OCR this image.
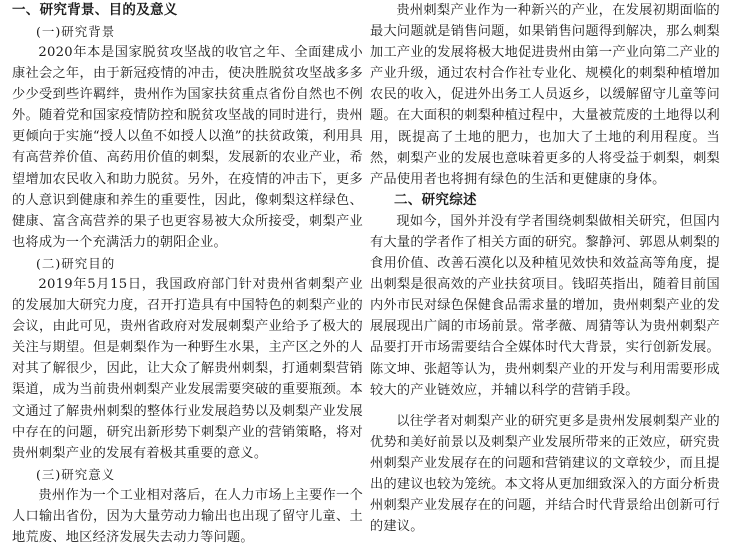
一、研究背景、目的及意义
(一)研究背景

2020年本是国家脱贫攻坚战的收官之年、全面建成小康社会之年，由于新冠疫情的冲击，使决胜脱贫攻坚战多多少少受到些许羁绊，贵州作为国家扶贫重点省份自然也不例外。随着党和国家疫情防控和脱贫攻坚战的同时进行，贵州更倾向于实施“授人以鱼不如授人以渔”的扶贫政策，利用具有高营养价值、高药用价值的刺梨，发展新的农业产业，希望增加农民收入和助力脱贫。另外，在疫情的冲击下，更多的人意识到健康和养生的重要性，因此，像刺梨这样绿色、健康、富含高营养的果子也更容易被大众所接受，刺梨产业也将成为一个充满活力的朝阳企业。

(二)研究目的

2019年5月15日，我国政府部门针对贵州省刺梨产业的发展加大研究力度，召开打造具有中国特色的刺梨产业的会议，由此可见，贵州省政府对发展刺梨产业给予了极大的关注与期望。但是刺梨作为一种野生水果，主产区之外的人对其了解很少，因此，让大众了解贵州刺梨，打通刺梨营销渠道，成为当前贵州刺梨产业发展需要突破的重要瓶颈。本文通过了解贵州刺梨的整体行业发展趋势以及刺梨产业发展中存在的问题，研究出新形势下刺梨产业的营销策略，将对贵州刺梨产业的发展有着极其重要的意义。

(三)研究意义

贵州作为一个工业相对落后，在人力市场上主要作一个人口输出省份，因为大量劳动力输出也出现了留守儿童、土地荒废、地区经济发展失去动力等问题。

贵州刺梨产业作为一种新兴的产业，在发展初期面临的最大问题就是销售问题，如果销售问题得到解决，那么刺梨加工产业的发展将极大地促进贵州由第一产业向第二产业的产业升级，通过农村合作社专业化、规模化的刺梨种植增加农民的收入，促进外出务工人员返乡，以缓解留守儿童等问题。在大面积的刺梨种植过程中，大量被荒废的土地得以利用，既提高了土地的肥力，也加大了土地的利用程度。当然，刺梨产业的发展也意味着更多的人将受益于刺梨，刺梨产品使用者也将拥有绿色的生活和更健康的身体。

二、研究综述

现如今，国外并没有学者围绕刺梨做相关研究，但国内有大量的学者作了相关方面的研究。黎静河、郭恩从刺梨的食用价值、改善石漠化以及种植见效快和效益高等角度，提出刺梨是很高效的产业扶贫项目。钱昭英指出，随着目前国内外市民对绿色保健食品需求量的增加，贵州刺梨产业的发展展现出广阔的市场前景。常孝薇、周猜等认为贵州刺梨产品要打开市场需要结合全媒体时代大背景，实行创新发展。陈文坤、张超等认为，贵州刺梨产业的开发与利用需要形成较大的产业链效应，并辅以科学的营销手段。

以往学者对刺梨产业的研究更多是贵州发展刺梨产业的优势和美好前景以及刺梨产业发展所带来的正效应，研究贵州刺梨产业发展存在的问题和营销建议的文章较少，而且提出的建议也较为笼统。本文将从更加细致深入的方面分析贵州刺梨产业发展存在的问题，并结合时代背景给出创新可行的建议。
